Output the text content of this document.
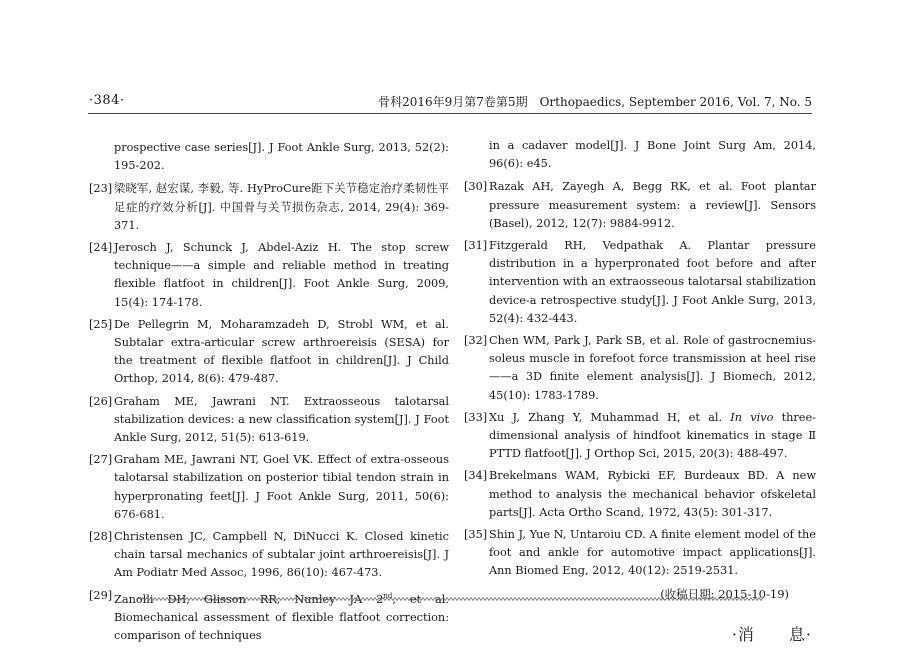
·384·	骨科2016年9月第7卷第5期　Orthopaedics, September 2016, Vol. 7, No. 5
prospective case series[J]. J Foot Ankle Surg, 2013, 52(2): 195-202.
[23] 梁晓军, 赵宏谋, 李毅, 等. HyProCure距下关节稳定治疗柔韧性平足症的疗效分析[J]. 中国骨与关节损伤杂志, 2014, 29(4): 369-371.
[24] Jerosch J, Schunck J, Abdel-Aziz H. The stop screw technique——a simple and reliable method in treating flexible flatfoot in children[J]. Foot Ankle Surg, 2009, 15(4): 174-178.
[25] De Pellegrin M, Moharamzadeh D, Strobl WM, et al. Subtalar extra-articular screw arthroereisis (SESA) for the treatment of flexible flatfoot in children[J]. J Child Orthop, 2014, 8(6): 479-487.
[26] Graham ME, Jawrani NT. Extraosseous talotarsal stabilization devices: a new classification system[J]. J Foot Ankle Surg, 2012, 51(5): 613-619.
[27] Graham ME, Jawrani NT, Goel VK. Effect of extra-osseous talotarsal stabilization on posterior tibial tendon strain in hyperpronating feet[J]. J Foot Ankle Surg, 2011, 50(6): 676-681.
[28] Christensen JC, Campbell N, DiNucci K. Closed kinetic chain tarsal mechanics of subtalar joint arthroereisis[J]. J Am Podiatr Med Assoc, 1996, 86(10): 467-473.
[29] Zanolli DH, Glisson RR, Nunley JA 2nd, et al. Biomechanical assessment of flexible flatfoot correction: comparison of techniques
in a cadaver model[J]. J Bone Joint Surg Am, 2014, 96(6): e45.
[30] Razak AH, Zayegh A, Begg RK, et al. Foot plantar pressure measurement system: a review[J]. Sensors (Basel), 2012, 12(7): 9884-9912.
[31] Fitzgerald RH, Vedpathak A. Plantar pressure distribution in a hyperpronated foot before and after intervention with an extraosseous talotarsal stabilization device-a retrospective study[J]. J Foot Ankle Surg, 2013, 52(4): 432-443.
[32] Chen WM, Park J, Park SB, et al. Role of gastrocnemius-soleus muscle in forefoot force transmission at heel rise——a 3D finite element analysis[J]. J Biomech, 2012, 45(10): 1783-1789.
[33] Xu J, Zhang Y, Muhammad H, et al. In vivo three-dimensional analysis of hindfoot kinematics in stage Ⅱ PTTD flatfoot[J]. J Orthop Sci, 2015, 20(3): 488-497.
[34] Brekelmans WAM, Rybicki EF, Burdeaux BD. A new method to analysis the mechanical behavior ofskeletal parts[J]. Acta Ortho Scand, 1972, 43(5): 301-317.
[35] Shin J, Yue N, Untaroiu CD. A finite element model of the foot and ankle for automotive impact applications[J]. Ann Biomed Eng, 2012, 40(12): 2519-2531.
(收稿日期: 2015-10-19)
·消 息·
